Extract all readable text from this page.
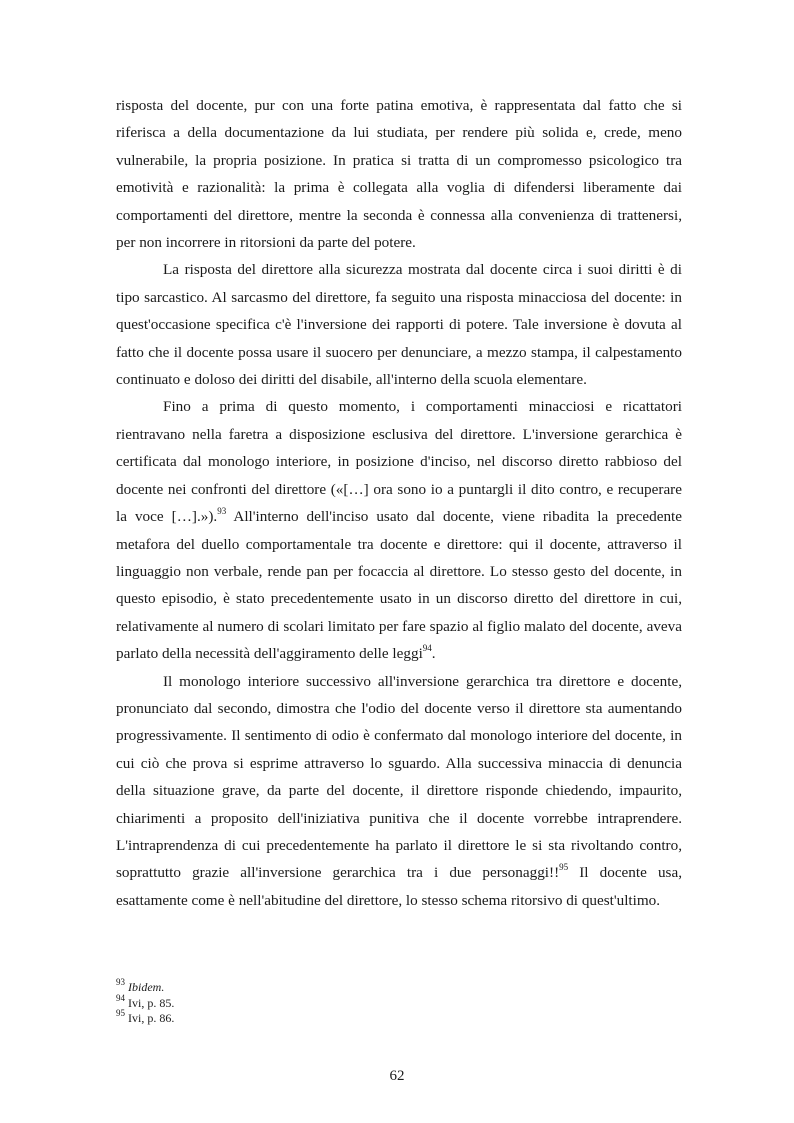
risposta del docente, pur con una forte patina emotiva, è rappresentata dal fatto che si riferisca a della documentazione da lui studiata, per rendere più solida e, crede, meno vulnerabile, la propria posizione. In pratica si tratta di un compromesso psicologico tra emotività e razionalità: la prima è collegata alla voglia di difendersi liberamente dai comportamenti del direttore, mentre la seconda è connessa alla convenienza di trattenersi, per non incorrere in ritorsioni da parte del potere.

La risposta del direttore alla sicurezza mostrata dal docente circa i suoi diritti è di tipo sarcastico. Al sarcasmo del direttore, fa seguito una risposta minacciosa del docente: in quest'occasione specifica c'è l'inversione dei rapporti di potere. Tale inversione è dovuta al fatto che il docente possa usare il suocero per denunciare, a mezzo stampa, il calpestamento continuato e doloso dei diritti del disabile, all'interno della scuola elementare.

Fino a prima di questo momento, i comportamenti minacciosi e ricattatori rientravano nella faretra a disposizione esclusiva del direttore. L'inversione gerarchica è certificata dal monologo interiore, in posizione d'inciso, nel discorso diretto rabbioso del docente nei confronti del direttore («[…] ora sono io a puntargli il dito contro, e recuperare la voce […].»).$^{93}$ All'interno dell'inciso usato dal docente, viene ribadita la precedente metafora del duello comportamentale tra docente e direttore: qui il docente, attraverso il linguaggio non verbale, rende pan per focaccia al direttore. Lo stesso gesto del docente, in questo episodio, è stato precedentemente usato in un discorso diretto del direttore in cui, relativamente al numero di scolari limitato per fare spazio al figlio malato del docente, aveva parlato della necessità dell'aggiramento delle leggi$^{94}$.

Il monologo interiore successivo all'inversione gerarchica tra direttore e docente, pronunciato dal secondo, dimostra che l'odio del docente verso il direttore sta aumentando progressivamente. Il sentimento di odio è confermato dal monologo interiore del docente, in cui ciò che prova si esprime attraverso lo sguardo. Alla successiva minaccia di denuncia della situazione grave, da parte del docente, il direttore risponde chiedendo, impaurito, chiarimenti a proposito dell'iniziativa punitiva che il docente vorrebbe intraprendere. L'intraprendenza di cui precedentemente ha parlato il direttore le si sta rivoltando contro, soprattutto grazie all'inversione gerarchica tra i due personaggi!!$^{95}$ Il docente usa, esattamente come è nell'abitudine del direttore, lo stesso schema ritorsivo di quest'ultimo.

$^{93}$ Ibidem.
$^{94}$ Ivi, p. 85.
$^{95}$ Ivi, p. 86.
62
